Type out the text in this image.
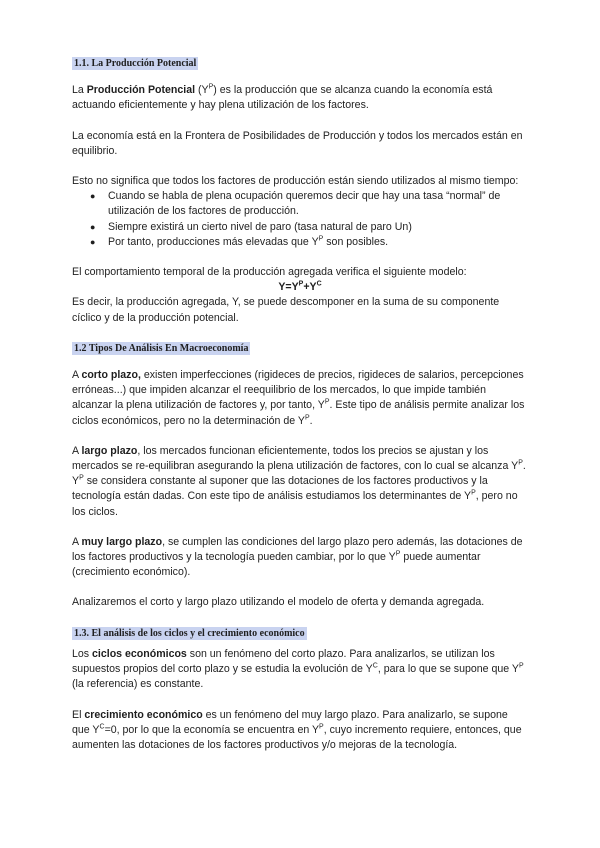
1.1. La Producción Potencial

La Producción Potencial $(Y^P)$ es la producción que se alcanza cuando la economía está actuando eficientemente y hay plena utilización de los factores.

La economía está en la Frontera de Posibilidades de Producción y todos los mercados están en equilibrio.

Esto no significa que todos los factores de producción están siendo utilizados al mismo tiempo:

● Cuando se habla de plena ocupación queremos decir que hay una tasa “normal” de utilización de los factores de producción.
● Siempre existirá un cierto nivel de paro (tasa natural de paro Un)
● Por tanto, producciones más elevadas que $Y^P$ son posibles.

El comportamiento temporal de la producción agregada verifica el siguiente modelo:

$Y=Y^P+Y^C$

Es decir, la producción agregada, Y, se puede descomponer en la suma de su componente cíclico y de la producción potencial.

1.2 Tipos De Análisis En Macroeconomía

A corto plazo, existen imperfecciones (rigideces de precios, rigideces de salarios, percepciones erróneas...) que impiden alcanzar el reequilibrio de los mercados, lo que impide también alcanzar la plena utilización de factores y, por tanto, $Y^P$. Este tipo de análisis permite analizar los ciclos económicos, pero no la determinación de $Y^P$.

A largo plazo, los mercados funcionan eficientemente, todos los precios se ajustan y los mercados se re-equilibran asegurando la plena utilización de factores, con lo cual se alcanza $Y^P$.

$Y^P$ se considera constante al suponer que las dotaciones de los factores productivos y la tecnología están dadas. Con este tipo de análisis estudiamos los determinantes de $Y^P$, pero no los ciclos.

A muy largo plazo, se cumplen las condiciones del largo plazo pero además, las dotaciones de los factores productivos y la tecnología pueden cambiar, por lo que $Y^P$ puede aumentar (crecimiento económico).

Analizaremos el corto y largo plazo utilizando el modelo de oferta y demanda agregada.

1.3. El análisis de los ciclos y el crecimiento económico

Los ciclos económicos son un fenómeno del corto plazo. Para analizarlos, se utilizan los supuestos propios del corto plazo y se estudia la evolución de $Y^C$, para lo que se supone que $Y^P$ (la referencia) es constante.

El crecimiento económico es un fenómeno del muy largo plazo. Para analizarlo, se supone que $Y^C=0$, por lo que la economía se encuentra en $Y^P$, cuyo incremento requiere, entonces, que aumenten las dotaciones de los factores productivos y/o mejoras de la tecnología.
